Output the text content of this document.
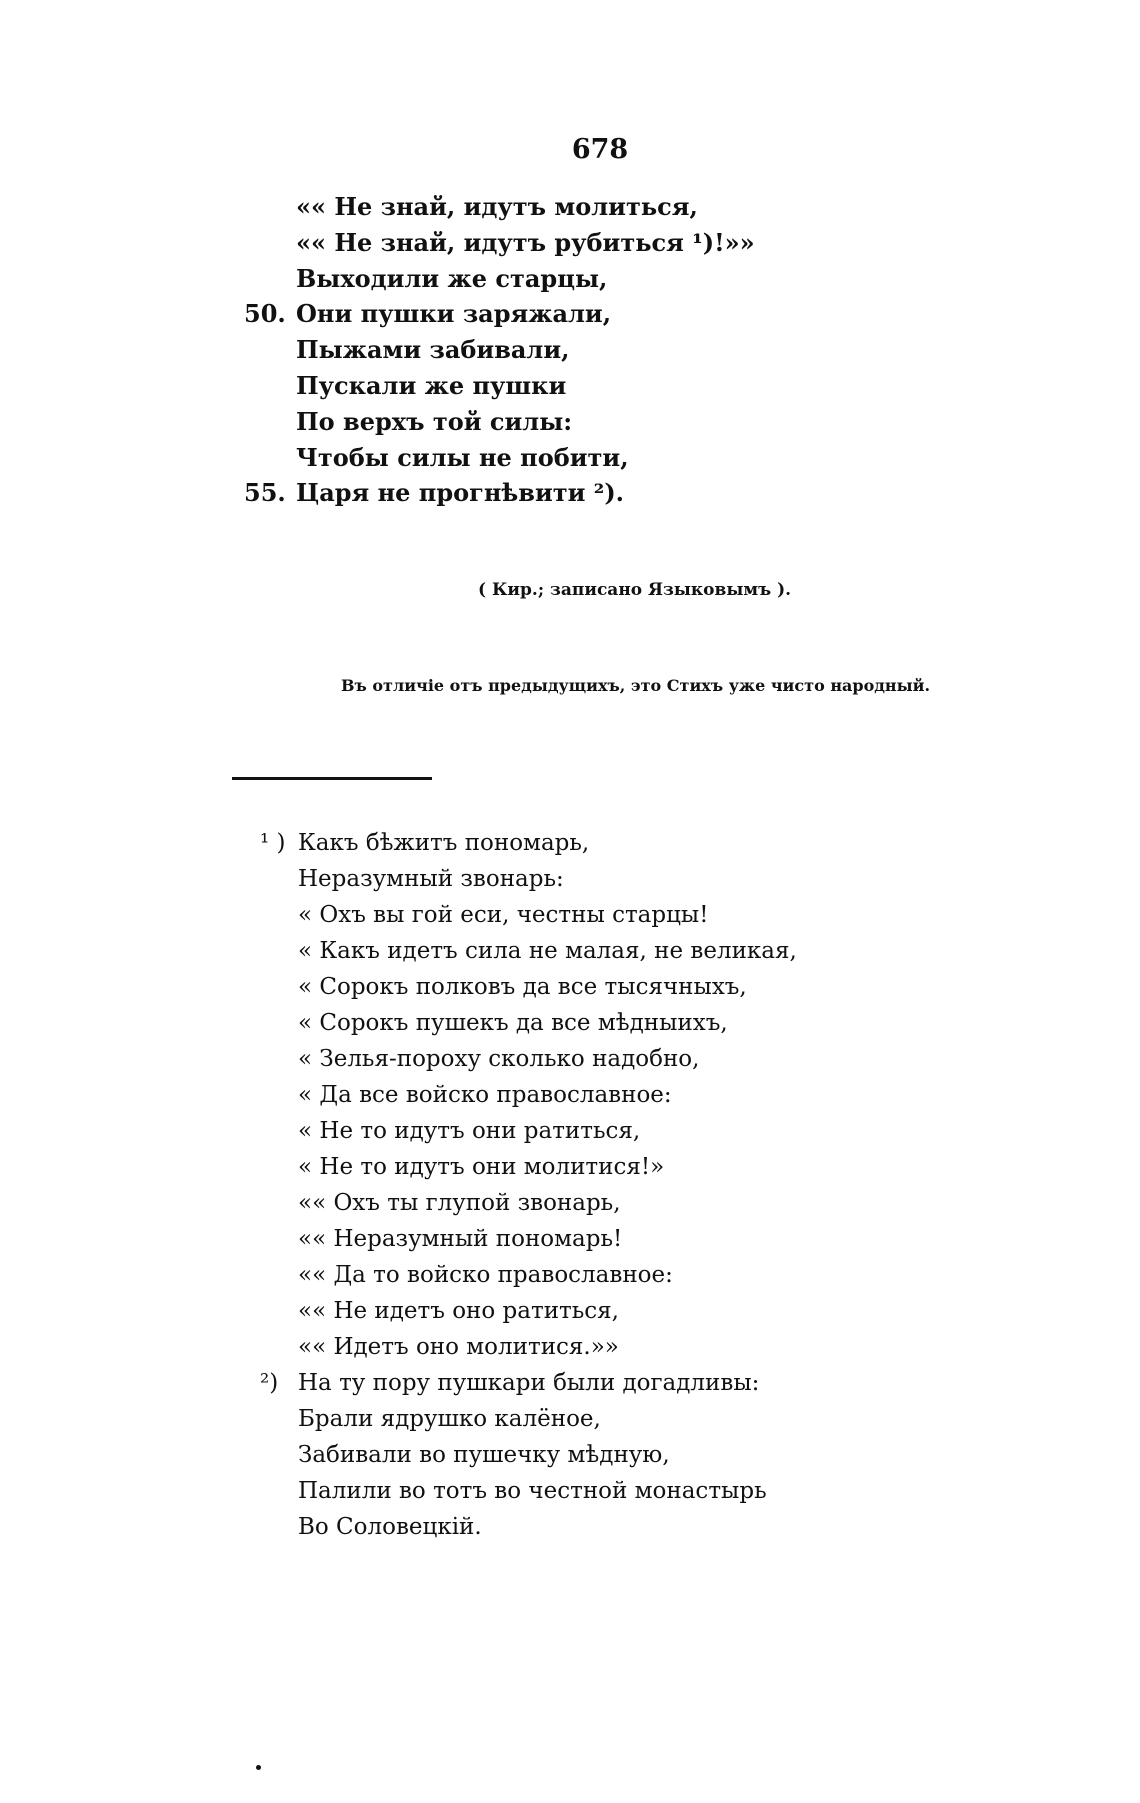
678
«« Не знай, идутъ молиться,
«« Не знай, идутъ рубиться ¹)!»»
Выходили же старцы,
50. Они пушки заряжали,
Пыжами забивали,
Пускали же пушки
По верхъ той силы:
Чтобы силы не побити,
55. Царя не прогнѣвити ²).
( Кир.; записано Языковымъ ).
Въ отличіе отъ предыдущихъ, это Стихъ уже чисто народный.
¹ ) Какъ бѣжитъ пономарь,
Неразумный звонарь:
« Охъ вы гой еси, честны старцы!
« Какъ идетъ сила не малая, не великая,
« Сорокъ полковъ да все тысячныхъ,
« Сорокъ пушекъ да все мѣдныихъ,
« Зелья-пороху сколько надобно,
« Да все войско православное:
« Не то идутъ они ратиться,
« Не то идутъ они молитися!»
«« Охъ ты глупой звонарь,
«« Неразумный пономарь!
«« Да то войско православное:
«« Не идетъ оно ратиться,
«« Идетъ оно молитися.»»
²) На ту пору пушкари были догадливы:
Брали ядрушко калёное,
Забивали во пушечку мѣдную,
Палили во тотъ во честной монастырь
Во Соловецкій.
